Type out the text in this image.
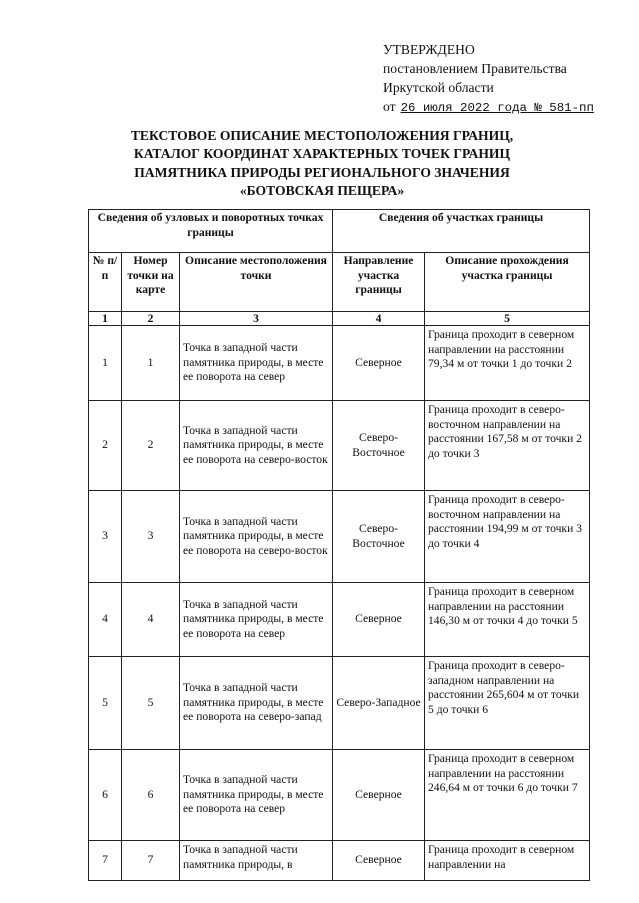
УТВЕРЖДЕНО
постановлением Правительства
Иркутской области
от 26 июля 2022 года № 581-пп
ТЕКСТОВОЕ ОПИСАНИЕ МЕСТОПОЛОЖЕНИЯ ГРАНИЦ,
КАТАЛОГ КООРДИНАТ ХАРАКТЕРНЫХ ТОЧЕК ГРАНИЦ
ПАМЯТНИКА ПРИРОДЫ РЕГИОНАЛЬНОГО ЗНАЧЕНИЯ
«БОТОВСКАЯ ПЕЩЕРА»
Сведения об узловых и поворотных точках границы			Сведения об участках границы	
№ п/п	Номер точки на карте	Описание местоположения точки	Направление участка границы	Описание прохождения участка границы
1	2	3	4	5
1	1	Точка в западной части памятника природы, в месте ее поворота на север	Северное	Граница проходит в северном направлении на расстоянии 79,34 м от точки 1 до точки 2
2	2	Точка в западной части памятника природы, в месте ее поворота на северо-восток	Северо-Восточное	Граница проходит в северо- восточном направлении на расстоянии 167,58 м от точки 2 до точки 3
3	3	Точка в западной части памятника природы, в месте ее поворота на северо-восток	Северо-Восточное	Граница проходит в северо- восточном направлении на расстоянии 194,99 м от точки 3 до точки 4
4	4	Точка в западной части памятника природы, в месте ее поворота на север	Северное	Граница проходит в северном направлении на расстоянии 146,30 м от точки 4 до точки 5
5	5	Точка в западной части памятника природы, в месте ее поворота на северо-запад	Северо-Западное	Граница проходит в северо- западном направлении на расстоянии 265,604 м от точки 5 до точки 6
6	6	Точка в западной части памятника природы, в месте ее поворота на север	Северное	Граница проходит в северном направлении на расстоянии 246,64 м от точки 6 до точки 7
7	7	Точка в западной части памятника природы, в	Северное	Граница проходит в северном направлении на
